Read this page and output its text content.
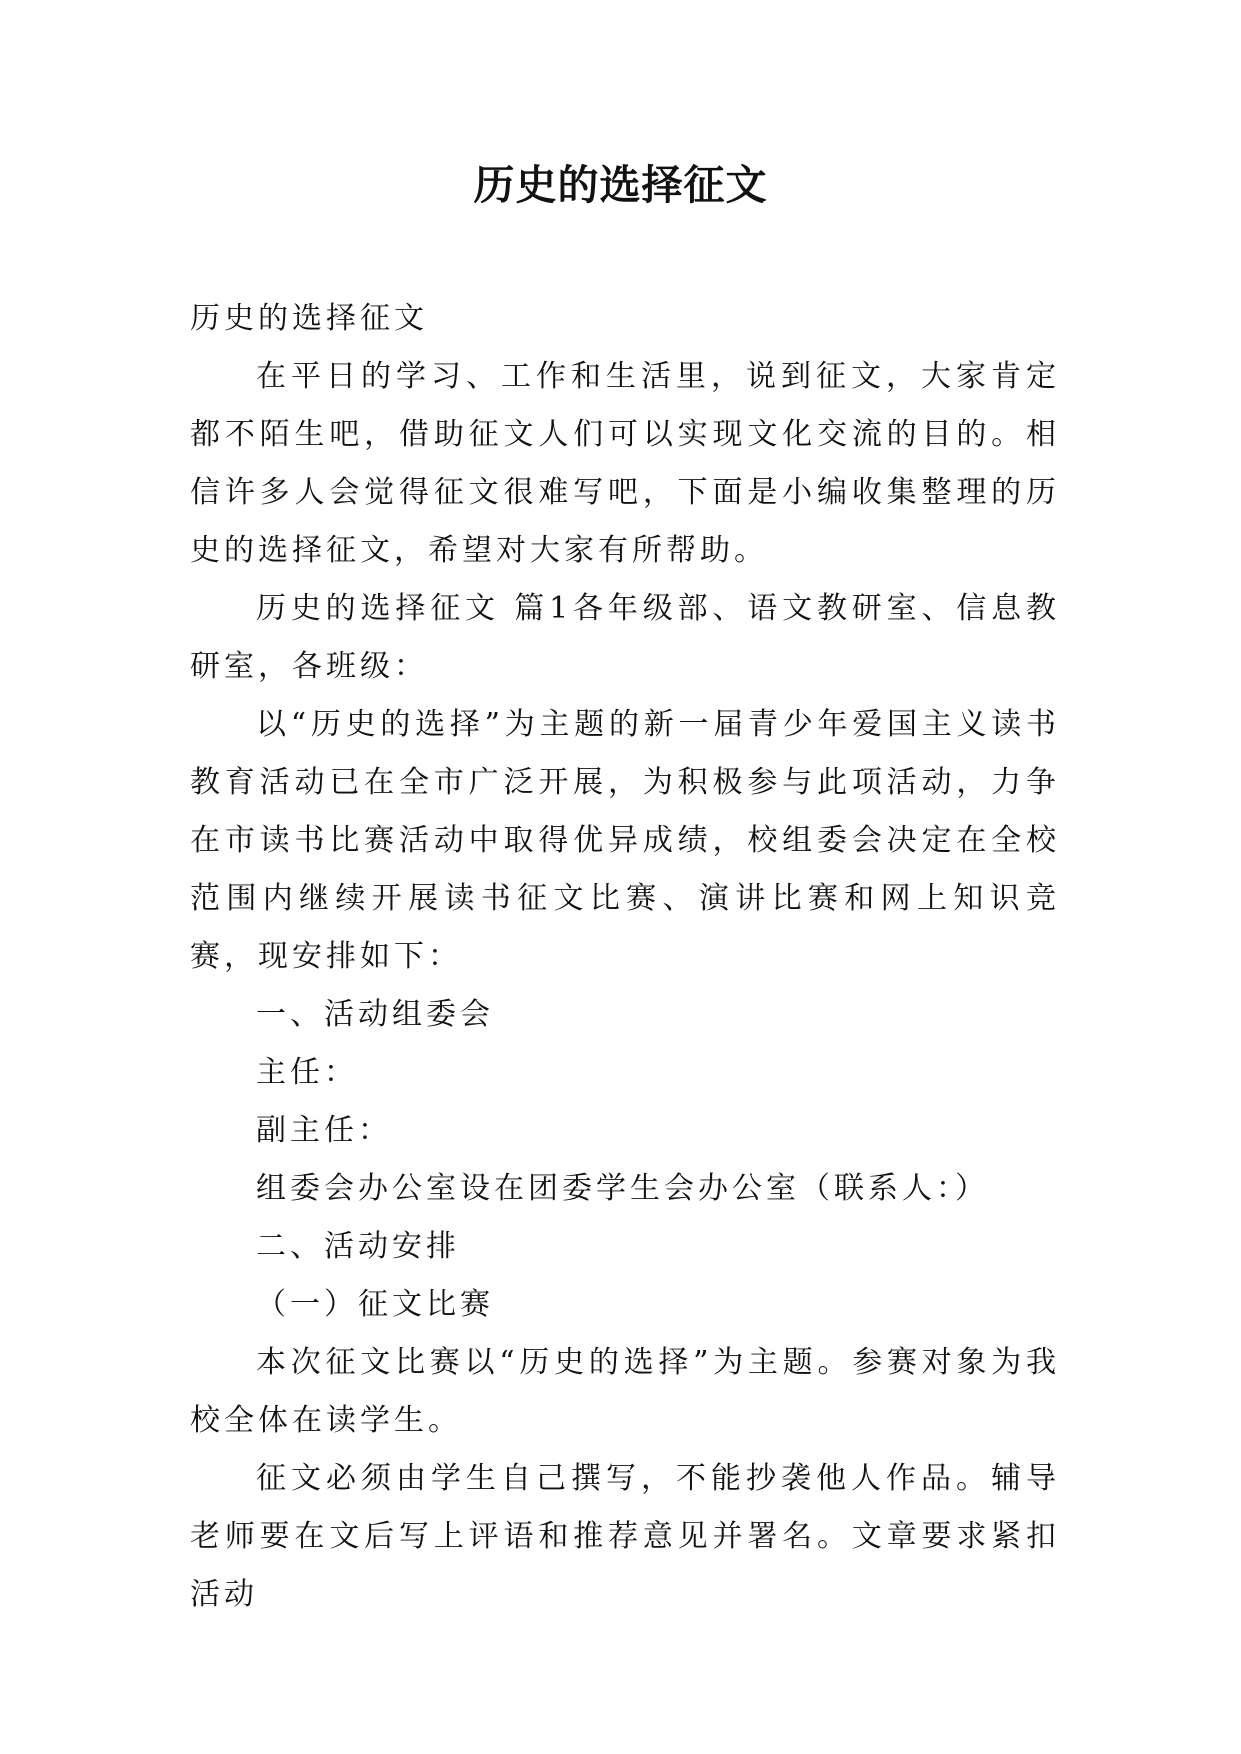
历史的选择征文

历史的选择征文

在平日的学习、工作和生活里，说到征文，大家肯定都不陌生吧，借助征文人们可以实现文化交流的目的。相信许多人会觉得征文很难写吧，下面是小编收集整理的历史的选择征文，希望对大家有所帮助。

历史的选择征文 篇1各年级部、语文教研室、信息教研室，各班级：

以“历史的选择”为主题的新一届青少年爱国主义读书教育活动已在全市广泛开展，为积极参与此项活动，力争在市读书比赛活动中取得优异成绩，校组委会决定在全校范围内继续开展读书征文比赛、演讲比赛和网上知识竞赛，现安排如下：

一、活动组委会

主任：

副主任：

组委会办公室设在团委学生会办公室（联系人：）

二、活动安排

（一）征文比赛

本次征文比赛以“历史的选择”为主题。参赛对象为我校全体在读学生。

征文必须由学生自己撰写，不能抄袭他人作品。辅导老师要在文后写上评语和推荐意见并署名。文章要求紧扣活动
